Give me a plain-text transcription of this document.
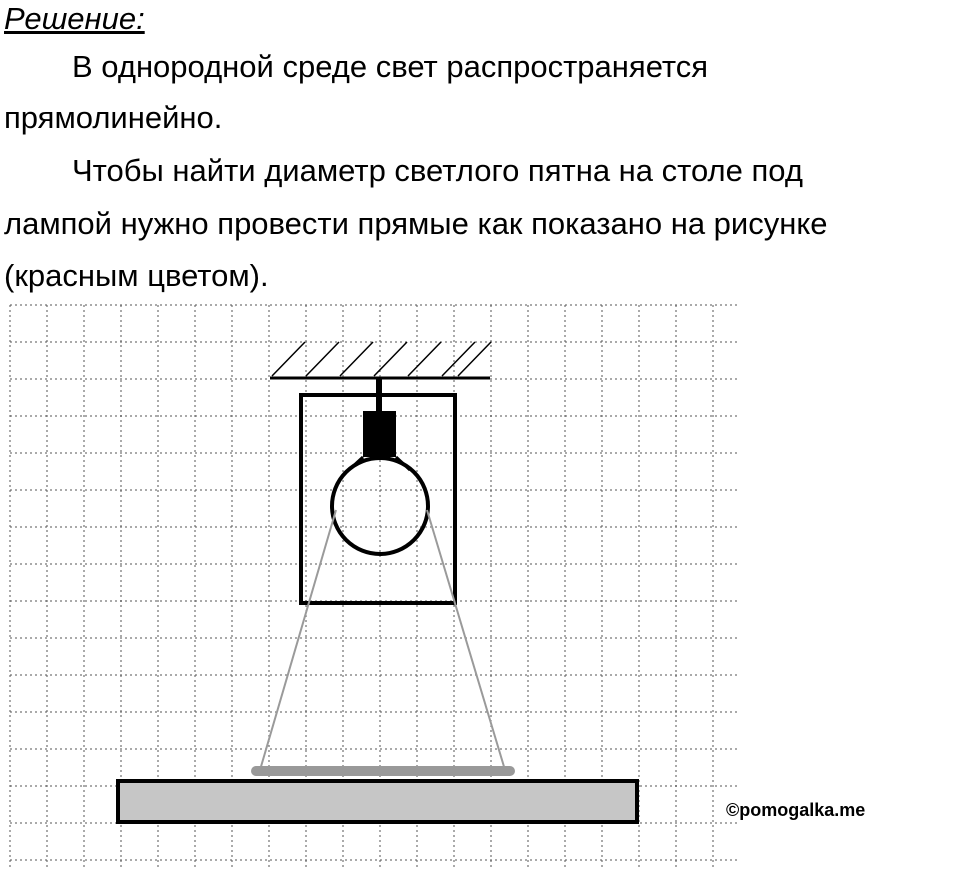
Решение:
В однородной среде свет распространяется
прямолинейно.
Чтобы найти диаметр светлого пятна на столе под
лампой нужно провести прямые как показано на рисунке
(красным цветом).
©pomogalka.me
